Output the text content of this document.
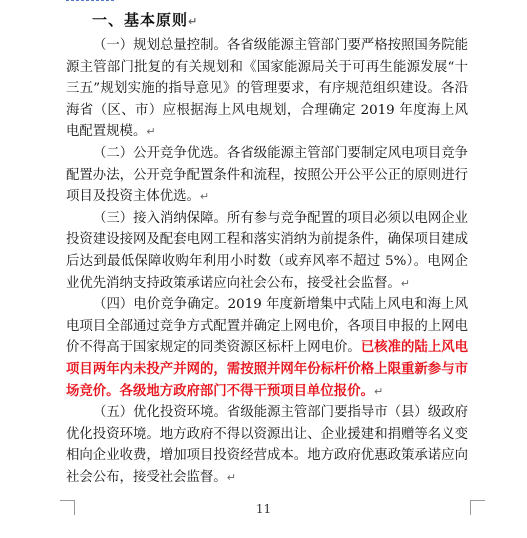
一、基本原则↵

（一）规划总量控制。各省级能源主管部门要严格按照国务院能源主管部门批复的有关规划和《国家能源局关于可再生能源发展“十三五”规划实施的指导意见》的管理要求，有序规范组织建设。各沿海省（区、市）应根据海上风电规划，合理确定 2019 年度海上风电配置规模。↵

（二）公开竞争优选。各省级能源主管部门要制定风电项目竞争配置办法，公开竞争配置条件和流程，按照公开公平公正的原则进行项目及投资主体优选。↵

（三）接入消纳保障。所有参与竞争配置的项目必须以电网企业投资建设接网及配套电网工程和落实消纳为前提条件，确保项目建成后达到最低保障收购年利用小时数（或弃风率不超过 5%）。电网企业优先消纳支持政策承诺应向社会公布，接受社会监督。↵

（四）电价竞争确定。2019 年度新增集中式陆上风电和海上风电项目全部通过竞争方式配置并确定上网电价，各项目申报的上网电价不得高于国家规定的同类资源区标杆上网电价。已核准的陆上风电项目两年内未投产并网的，需按照并网年份标杆价格上限重新参与市场竞价。各级地方政府部门不得干预项目单位报价。↵

（五）优化投资环境。省级能源主管部门要指导市（县）级政府优化投资环境。地方政府不得以资源出让、企业援建和捐赠等名义变相向企业收费，增加项目投资经营成本。地方政府优惠政策承诺应向社会公布，接受社会监督。↵

11
